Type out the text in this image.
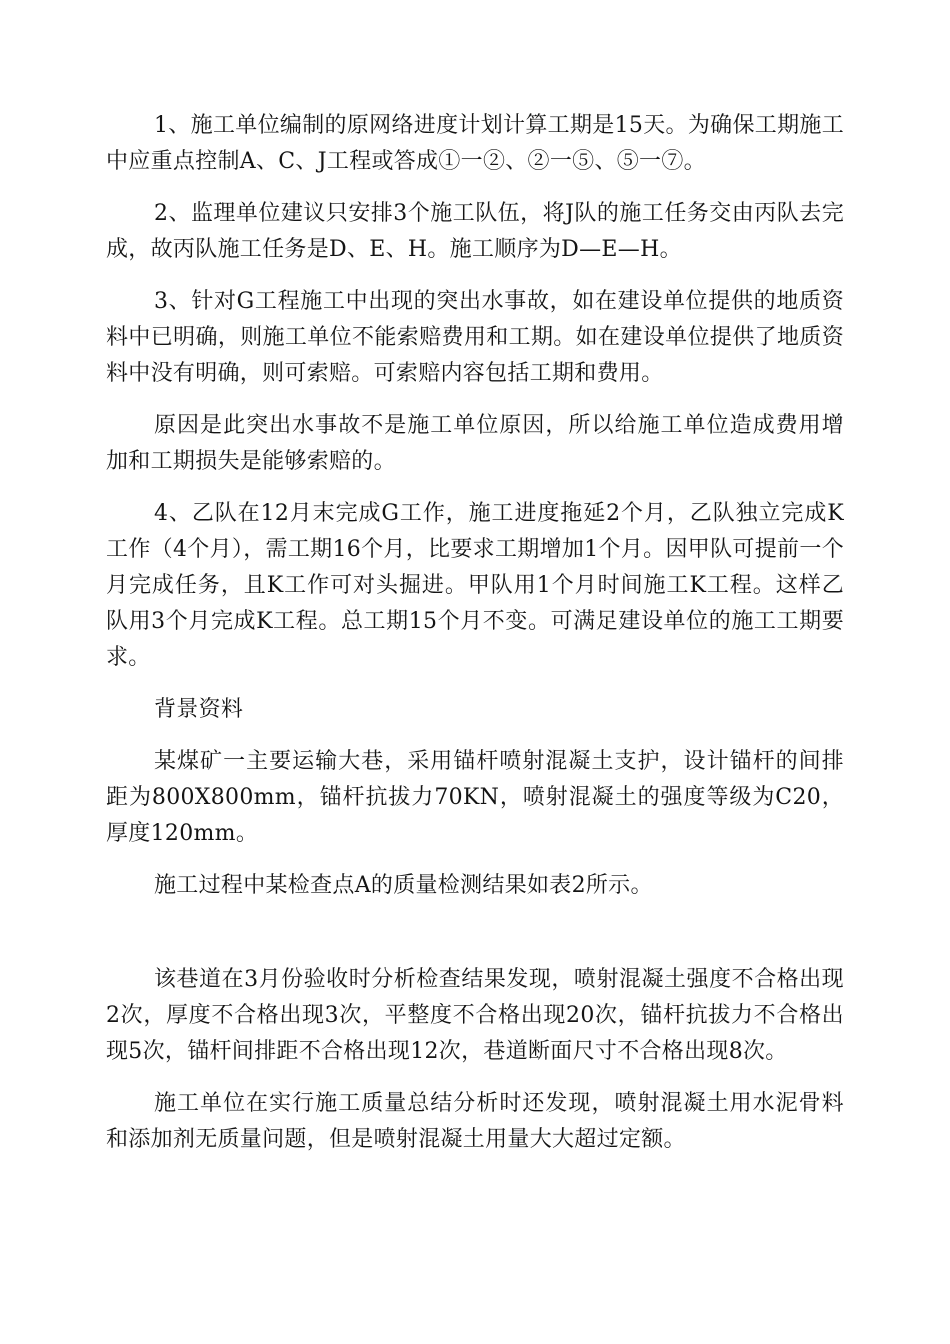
1、施工单位编制的原网络进度计划计算工期是15天。为确保工期施工中应重点控制A、C、J工程或答成①一②、②一⑤、⑤一⑦。

2、监理单位建议只安排3个施工队伍，将J队的施工任务交由丙队去完成，故丙队施工任务是D、E、H。施工顺序为D—E—H。

3、针对G工程施工中出现的突出水事故，如在建设单位提供的地质资料中已明确，则施工单位不能索赔费用和工期。如在建设单位提供了地质资料中没有明确，则可索赔。可索赔内容包括工期和费用。

原因是此突出水事故不是施工单位原因，所以给施工单位造成费用增加和工期损失是能够索赔的。

4、乙队在12月末完成G工作，施工进度拖延2个月，乙队独立完成K工作（4个月），需工期16个月，比要求工期增加1个月。因甲队可提前一个月完成任务，且K工作可对头掘进。甲队用1个月时间施工K工程。这样乙队用3个月完成K工程。总工期15个月不变。可满足建设单位的施工工期要求。

背景资料

某煤矿一主要运输大巷，采用锚杆喷射混凝土支护，设计锚杆的间排距为800X800mm，锚杆抗拔力70KN，喷射混凝土的强度等级为C20，厚度120mm。

施工过程中某检查点A的质量检测结果如表2所示。

该巷道在3月份验收时分析检查结果发现，喷射混凝土强度不合格出现2次，厚度不合格出现3次，平整度不合格出现20次，锚杆抗拔力不合格出现5次，锚杆间排距不合格出现12次，巷道断面尺寸不合格出现8次。

施工单位在实行施工质量总结分析时还发现，喷射混凝土用水泥骨料和添加剂无质量问题，但是喷射混凝土用量大大超过定额。
